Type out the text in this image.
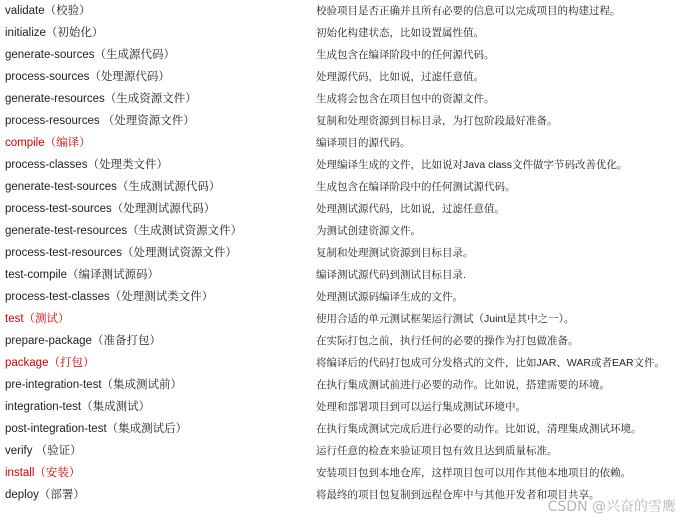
validate（校验）	校验项目是否正确并且所有必要的信息可以完成项目的构建过程。
initialize（初始化）	初始化构建状态，比如设置属性值。
generate-sources（生成源代码）	生成包含在编译阶段中的任何源代码。
process-sources（处理源代码）	处理源代码，比如说，过滤任意值。
generate-resources（生成资源文件）	生成将会包含在项目包中的资源文件。
process-resources （处理资源文件）	复制和处理资源到目标目录，为打包阶段最好准备。
compile（编译）	编译项目的源代码。
process-classes（处理类文件）	处理编译生成的文件，比如说对Java class文件做字节码改善优化。
generate-test-sources（生成测试源代码）	生成包含在编译阶段中的任何测试源代码。
process-test-sources（处理测试源代码）	处理测试源代码，比如说，过滤任意值。
generate-test-resources（生成测试资源文件）	为测试创建资源文件。
process-test-resources（处理测试资源文件）	复制和处理测试资源到目标目录。
test-compile（编译测试源码）	编译测试源代码到测试目标目录.
process-test-classes（处理测试类文件）	处理测试源码编译生成的文件。
test（测试）	使用合适的单元测试框架运行测试（Juint是其中之一）。
prepare-package（准备打包）	在实际打包之前，执行任何的必要的操作为打包做准备。
package（打包）	将编译后的代码打包成可分发格式的文件，比如JAR、WAR或者EAR文件。
pre-integration-test（集成测试前）	在执行集成测试前进行必要的动作。比如说，搭建需要的环境。
integration-test（集成测试）	处理和部署项目到可以运行集成测试环境中。
post-integration-test（集成测试后）	在执行集成测试完成后进行必要的动作。比如说，清理集成测试环境。
verify （验证）	运行任意的检查来验证项目包有效且达到质量标准。
install（安装）	安装项目包到本地仓库，这样项目包可以用作其他本地项目的依赖。
deploy（部署）	将最终的项目包复制到远程仓库中与其他开发者和项目共享。
CSDN @兴奋的雪鹰
